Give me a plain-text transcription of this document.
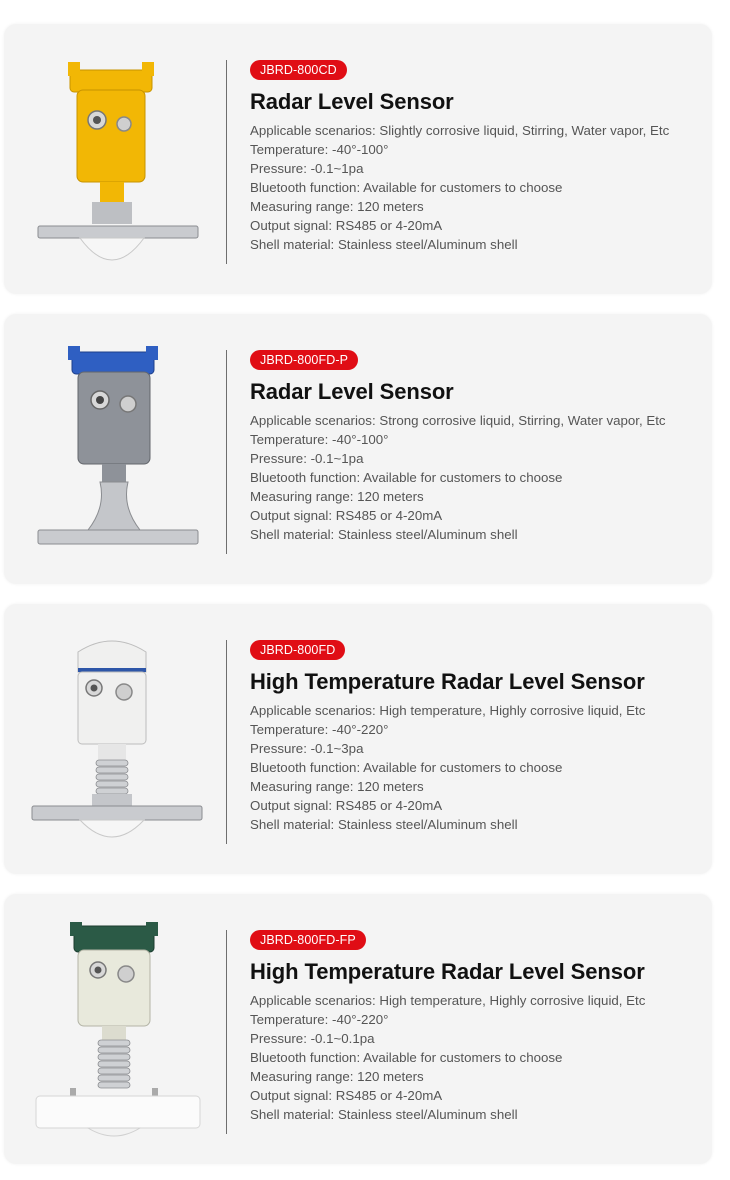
JBRD-800CD
Radar Level Sensor
Applicable scenarios: Slightly corrosive liquid, Stirring, Water vapor, Etc
Temperature: -40°-100°
Pressure: -0.1~1pa
Bluetooth function: Available for customers to choose
Measuring range: 120 meters
Output signal: RS485 or 4-20mA
Shell material: Stainless steel/Aluminum shell
JBRD-800FD-P
Radar Level Sensor
Applicable scenarios: Strong corrosive liquid, Stirring, Water vapor, Etc
Temperature: -40°-100°
Pressure: -0.1~1pa
Bluetooth function: Available for customers to choose
Measuring range: 120 meters
Output signal: RS485 or 4-20mA
Shell material: Stainless steel/Aluminum shell
JBRD-800FD
High Temperature Radar Level Sensor
Applicable scenarios: High temperature, Highly corrosive liquid, Etc
Temperature: -40°-220°
Pressure: -0.1~3pa
Bluetooth function: Available for customers to choose
Measuring range: 120 meters
Output signal: RS485 or 4-20mA
Shell material: Stainless steel/Aluminum shell
JBRD-800FD-FP
High Temperature Radar Level Sensor
Applicable scenarios: High temperature, Highly corrosive liquid, Etc
Temperature: -40°-220°
Pressure: -0.1~0.1pa
Bluetooth function: Available for customers to choose
Measuring range: 120 meters
Output signal: RS485 or 4-20mA
Shell material: Stainless steel/Aluminum shell
